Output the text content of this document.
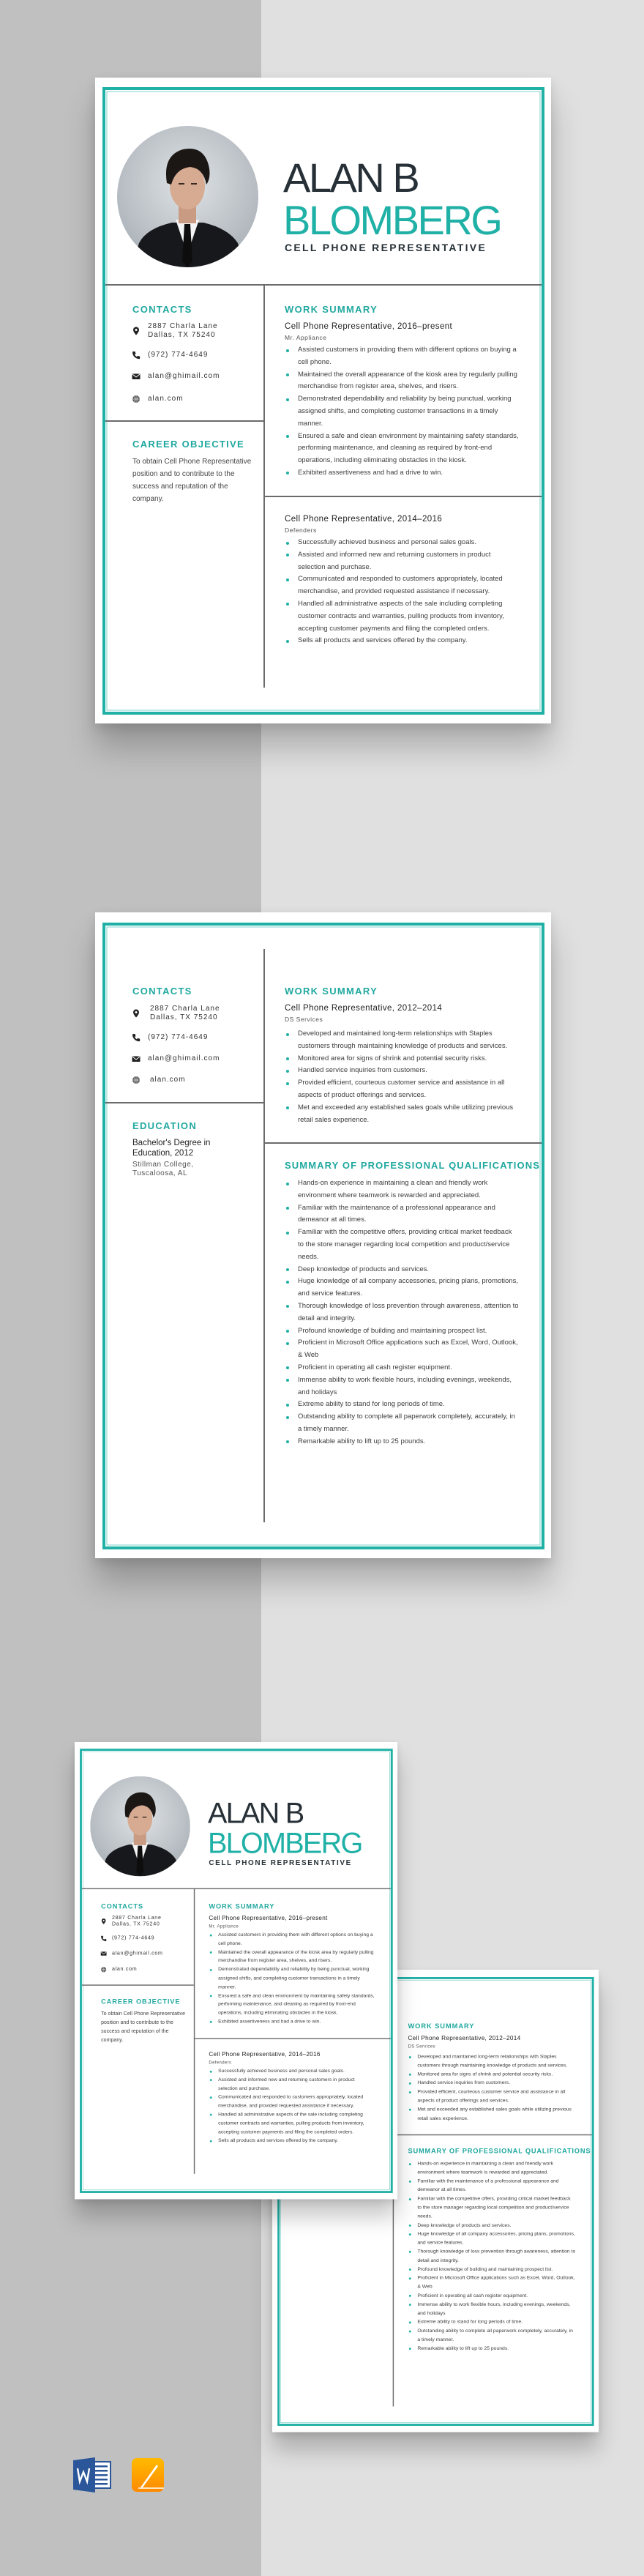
ALAN B
BLOMBERG
CELL PHONE REPRESENTATIVE
CONTACTS
2887 Charla Lane
Dallas, TX 75240
(972) 774-4649
alan@ghimail.com
alan.com
CAREER OBJECTIVE
To obtain Cell Phone Representative position and to contribute to the success and reputation of the company.
WORK SUMMARY
Cell Phone Representative, 2016–present
Mr. Appliance
Assisted customers in providing them with different options on buying a cell phone.
Maintained the overall appearance of the kiosk area by regularly pulling merchandise from register area, shelves, and risers.
Demonstrated dependability and reliability by being punctual, working assigned shifts, and completing customer transactions in a timely manner.
Ensured a safe and clean environment by maintaining safety standards, performing maintenance, and cleaning as required by front-end operations, including eliminating obstacles in the kiosk.
Exhibited assertiveness and had a drive to win.
Cell Phone Representative, 2014–2016
Defenders
Successfully achieved business and personal sales goals.
Assisted and informed new and returning customers in product selection and purchase.
Communicated and responded to customers appropriately, located merchandise, and provided requested assistance if necessary.
Handled all administrative aspects of the sale including completing customer contracts and warranties, pulling products from inventory, accepting customer payments and filing the completed orders.
Sells all products and services offered by the company.
CONTACTS
2887 Charla Lane
Dallas, TX 75240
(972) 774-4649
alan@ghimail.com
alan.com
EDUCATION
Bachelor's Degree in Education, 2012
Stillman College, Tuscaloosa, AL
WORK SUMMARY
Cell Phone Representative, 2012–2014
DS Services
Developed and maintained long-term relationships with Staples customers through maintaining knowledge of products and services.
Monitored area for signs of shrink and potential security risks.
Handled service inquiries from customers.
Provided efficient, courteous customer service and assistance in all aspects of product offerings and services.
Met and exceeded any established sales goals while utilizing previous retail sales experience.
SUMMARY OF PROFESSIONAL QUALIFICATIONS
Hands-on experience in maintaining a clean and friendly work environment where teamwork is rewarded and appreciated.
Familiar with the maintenance of a professional appearance and demeanor at all times.
Familiar with the competitive offers, providing critical market feedback to the store manager regarding local competition and product/service needs.
Deep knowledge of products and services.
Huge knowledge of all company accessories, pricing plans, promotions, and service features.
Thorough knowledge of loss prevention through awareness, attention to detail and integrity.
Profound knowledge of building and maintaining prospect list.
Proficient in Microsoft Office applications such as Excel, Word, Outlook, & Web
Proficient in operating all cash register equipment.
Immense ability to work flexible hours, including evenings, weekends, and holidays
Extreme ability to stand for long periods of time.
Outstanding ability to complete all paperwork completely, accurately, in a timely manner.
Remarkable ability to lift up to 25 pounds.
WORK SUMMARY
Cell Phone Representative, 2012–2014
DS Services
Developed and maintained long-term relationships with Staples customers through maintaining knowledge of products and services.
Monitored area for signs of shrink and potential security risks.
Handled service inquiries from customers.
Provided efficient, courteous customer service and assistance in all aspects of product offerings and services.
Met and exceeded any established sales goals while utilizing previous retail sales experience.
SUMMARY OF PROFESSIONAL QUALIFICATIONS
Hands-on experience in maintaining a clean and friendly work environment where teamwork is rewarded and appreciated.
Familiar with the maintenance of a professional appearance and demeanor at all times.
Familiar with the competitive offers, providing critical market feedback to the store manager regarding local competition and product/service needs.
Deep knowledge of products and services.
Huge knowledge of all company accessories, pricing plans, promotions, and service features.
Thorough knowledge of loss prevention through awareness, attention to detail and integrity.
Profound knowledge of building and maintaining prospect list.
Proficient in Microsoft Office applications such as Excel, Word, Outlook, & Web
Proficient in operating all cash register equipment.
Immense ability to work flexible hours, including evenings, weekends, and holidays
Extreme ability to stand for long periods of time.
Outstanding ability to complete all paperwork completely, accurately, in a timely manner.
Remarkable ability to lift up to 25 pounds.
ALAN B
BLOMBERG
CELL PHONE REPRESENTATIVE
CONTACTS
2887 Charla Lane
Dallas, TX 75240
(972) 774-4649
alan@ghimail.com
alan.com
CAREER OBJECTIVE
To obtain Cell Phone Representative position and to contribute to the success and reputation of the company.
WORK SUMMARY
Cell Phone Representative, 2016–present
Mr. Appliance
Assisted customers in providing them with different options on buying a cell phone.
Maintained the overall appearance of the kiosk area by regularly pulling merchandise from register area, shelves, and risers.
Demonstrated dependability and reliability by being punctual, working assigned shifts, and completing customer transactions in a timely manner.
Ensured a safe and clean environment by maintaining safety standards, performing maintenance, and cleaning as required by front-end operations, including eliminating obstacles in the kiosk.
Exhibited assertiveness and had a drive to win.
Cell Phone Representative, 2014–2016
Defenders
Successfully achieved business and personal sales goals.
Assisted and informed new and returning customers in product selection and purchase.
Communicated and responded to customers appropriately, located merchandise, and provided requested assistance if necessary.
Handled all administrative aspects of the sale including completing customer contracts and warranties, pulling products from inventory, accepting customer payments and filing the completed orders.
Sells all products and services offered by the company.
